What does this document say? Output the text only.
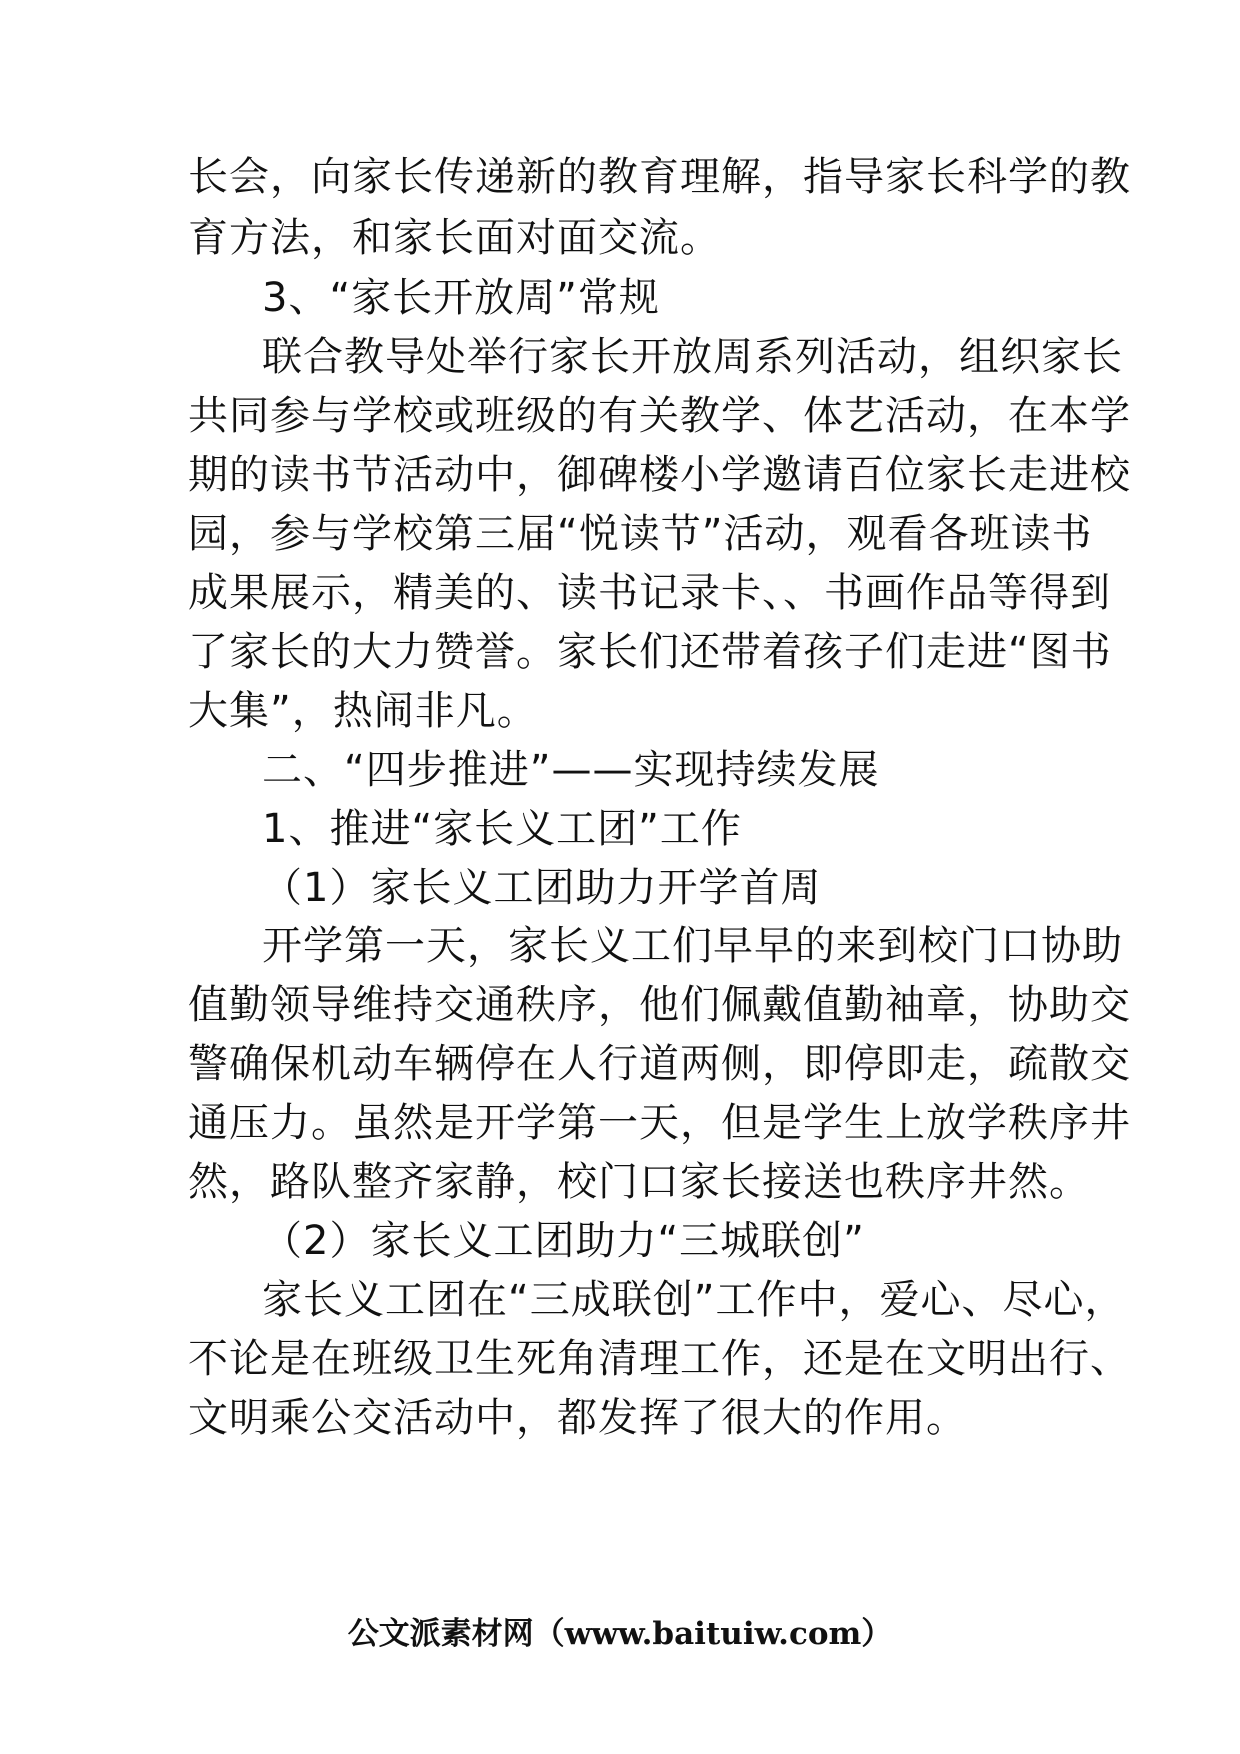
长会，向家长传递新的教育理解，指导家长科学的教
育方法，和家长面对面交流。
3、“家长开放周”常规
联合教导处举行家长开放周系列活动，组织家长
共同参与学校或班级的有关教学、体艺活动，在本学
期的读书节活动中，御碑楼小学邀请百位家长走进校
园，参与学校第三届“悦读节”活动，观看各班读书
成果展示，精美的、读书记录卡、、书画作品等得到
了家长的大力赞誉。家长们还带着孩子们走进“图书
大集”，热闹非凡。
二、“四步推进”——实现持续发展
1、推进“家长义工团”工作
（1）家长义工团助力开学首周
开学第一天，家长义工们早早的来到校门口协助
值勤领导维持交通秩序，他们佩戴值勤袖章，协助交
警确保机动车辆停在人行道两侧，即停即走，疏散交
通压力。虽然是开学第一天，但是学生上放学秩序井
然，路队整齐家静，校门口家长接送也秩序井然。
（2）家长义工团助力“三城联创”
家长义工团在“三成联创”工作中，爱心、尽心，
不论是在班级卫生死角清理工作，还是在文明出行、
文明乘公交活动中，都发挥了很大的作用。
公文派素材网（www.baituiw.com）
